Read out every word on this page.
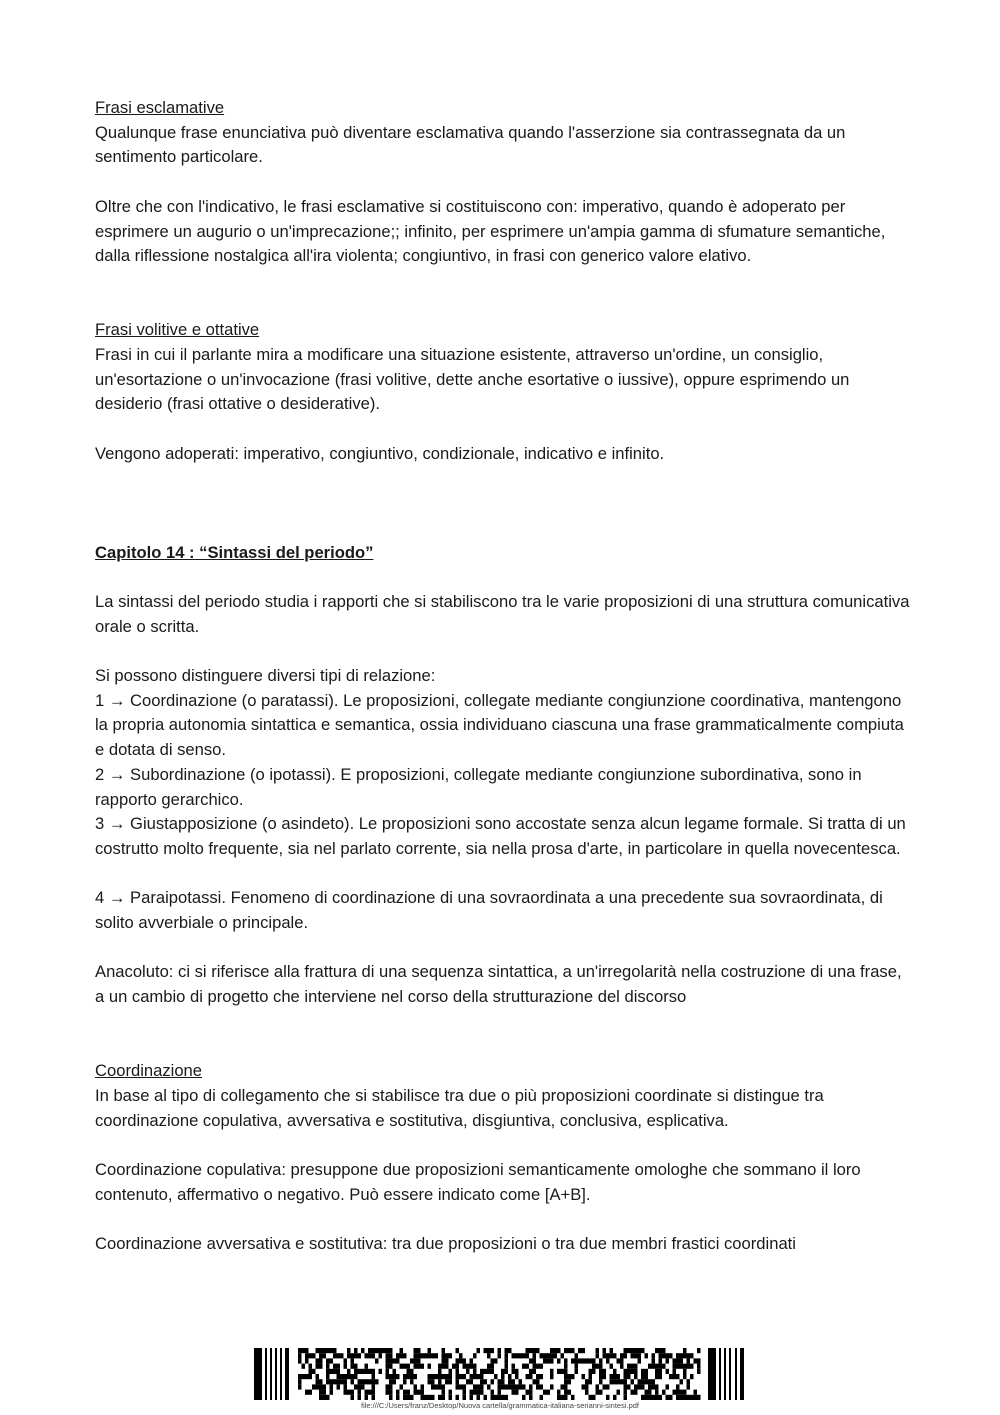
Frasi esclamative

Qualunque frase enunciativa può diventare esclamativa quando l'asserzione sia contrassegnata da un sentimento particolare.

Oltre che con l'indicativo, le frasi esclamative si costituiscono con: imperativo, quando è adoperato per esprimere un augurio o un'imprecazione;; infinito, per esprimere un'ampia gamma di sfumature semantiche, dalla riflessione nostalgica all'ira violenta; congiuntivo, in frasi con generico valore elativo.

Frasi volitive e ottative

Frasi in cui il parlante mira a modificare una situazione esistente, attraverso un'ordine, un consiglio, un'esortazione o un'invocazione (frasi volitive, dette anche esortative o iussive), oppure esprimendo un desiderio (frasi ottative o desiderative).

Vengono adoperati: imperativo, congiuntivo, condizionale, indicativo e infinito.

Capitolo 14 : “Sintassi del periodo”

La sintassi del periodo studia i rapporti che si stabiliscono tra le varie proposizioni di una struttura comunicativa orale o scritta.

Si possono distinguere diversi tipi di relazione:

1 → Coordinazione (o paratassi). Le proposizioni, collegate mediante congiunzione coordinativa, mantengono la propria autonomia sintattica e semantica, ossia individuano ciascuna una frase grammaticalmente compiuta e dotata di senso.

2 → Subordinazione (o ipotassi). E proposizioni, collegate mediante congiunzione subordinativa, sono in rapporto gerarchico.

3 → Giustapposizione (o asindeto). Le proposizioni sono accostate senza alcun legame formale. Si tratta di un costrutto molto frequente, sia nel parlato corrente, sia nella prosa d'arte, in particolare in quella novecentesca.

4 → Paraipotassi. Fenomeno di coordinazione di una sovraordinata a una precedente sua sovraordinata, di solito avverbiale o principale.

Anacoluto: ci si riferisce alla frattura di una sequenza sintattica, a un'irregolarità nella costruzione di una frase, a un cambio di progetto che interviene nel corso della strutturazione del discorso

Coordinazione

In base al tipo di collegamento che si stabilisce tra due o più proposizioni coordinate si distingue tra coordinazione copulativa, avversativa e sostitutiva, disgiuntiva, conclusiva, esplicativa.

Coordinazione copulativa: presuppone due proposizioni semanticamente omologhe che sommano il loro contenuto, affermativo o negativo. Può essere indicato come [A+B].

Coordinazione avversativa e sostitutiva: tra due proposizioni o tra due membri frastici coordinati

file:///C:/Users/franz/Desktop/Nuova cartella/grammatica-italiana-serianni-sintesi.pdf
